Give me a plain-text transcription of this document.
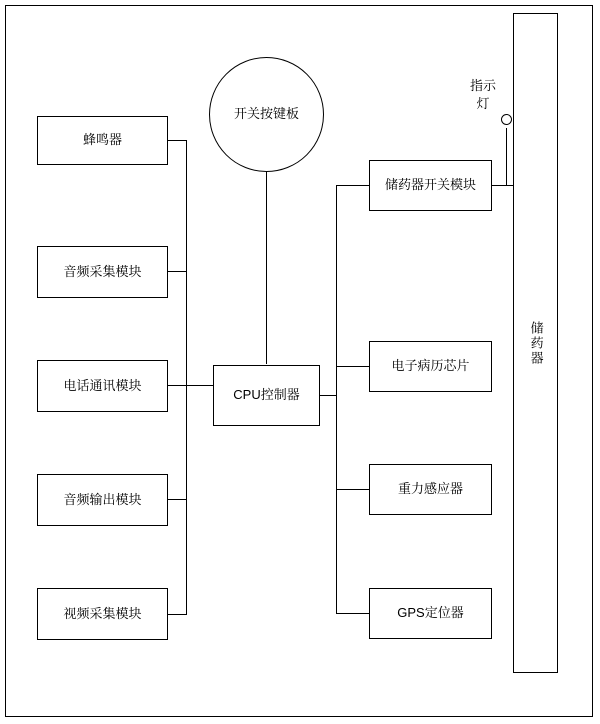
蜂鸣器
音频采集模块
电话通讯模块
音频输出模块
视频采集模块
开关按键板
CPU控制器
储药器开关模块
电子病历芯片
重力感应器
GPS定位器
储药器
指示
灯
